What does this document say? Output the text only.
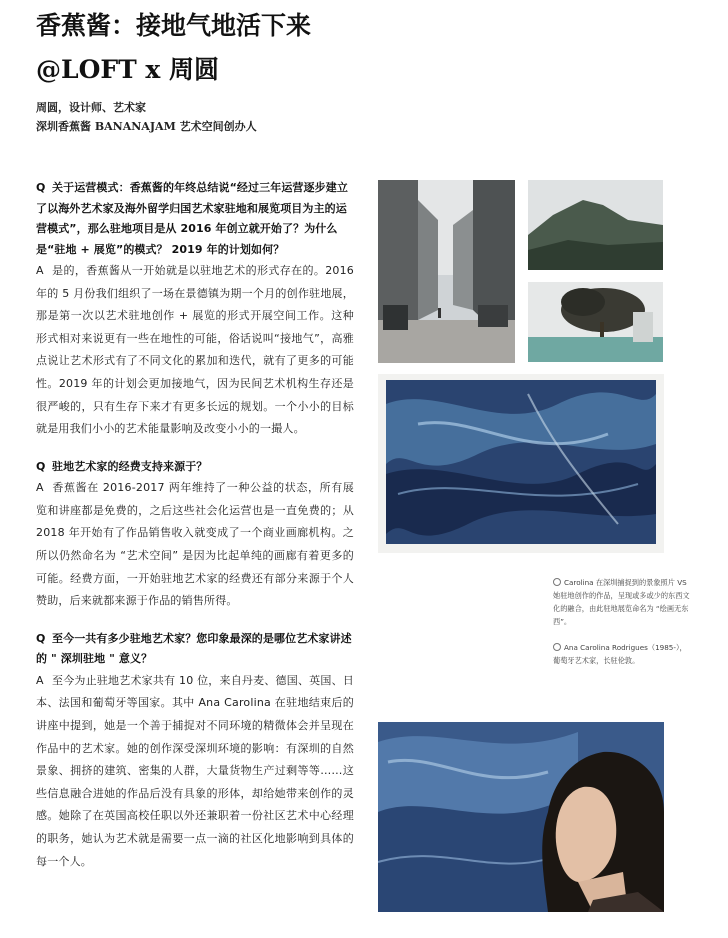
香蕉酱：接地气地活下来
@LOFT x 周圆
周圆，设计师、艺术家
深圳香蕉酱 BANANAJAM 艺术空间创办人
Q 关于运营模式：香蕉酱的年终总结说“经过三年运营逐步建立了以海外艺术家及海外留学归国艺术家驻地和展览项目为主的运营模式”，那么驻地项目是从 2016 年创立就开始了？为什么是“驻地 + 展览”的模式？ 2019 年的计划如何？
A 是的，香蕉酱从一开始就是以驻地艺术的形式存在的。2016 年的 5 月份我们组织了一场在景德镇为期一个月的创作驻地展，那是第一次以艺术驻地创作 + 展览的形式开展空间工作。这种形式相对来说更有一些在地性的可能，俗话说叫“接地气”，高雅点说让艺术形式有了不同文化的累加和迭代，就有了更多的可能性。2019 年的计划会更加接地气，因为民间艺术机构生存还是很严峻的，只有生存下来才有更多长远的规划。一个小小的目标就是用我们小小的艺术能量影响及改变小小的一撮人。
Q 驻地艺术家的经费支持来源于？
A 香蕉酱在 2016-2017 两年维持了一种公益的状态，所有展览和讲座都是免费的，之后这些社会化运营也是一直免费的；从 2018 年开始有了作品销售收入就变成了一个商业画廊机构。之所以仍然命名为 “艺术空间” 是因为比起单纯的画廊有着更多的可能。经费方面，一开始驻地艺术家的经费还有部分来源于个人赞助，后来就都来源于作品的销售所得。
Q 至今一共有多少驻地艺术家？您印象最深的是哪位艺术家讲述的 " 深圳驻地 " 意义？
A 至今为止驻地艺术家共有 10 位，来自丹麦、德国、英国、日本、法国和葡萄牙等国家。其中 Ana Carolina 在驻地结束后的讲座中提到，她是一个善于捕捉对不同环境的精微体会并呈现在作品中的艺术家。她的创作深受深圳环境的影响：有深圳的自然景象、拥挤的建筑、密集的人群，大量货物生产过剩等等……这些信息融合进她的作品后没有具象的形体，却给她带来创作的灵感。她除了在英国高校任职以外还兼职着一份社区艺术中心经理的职务，她认为艺术就是需要一点一滴的社区化地影响到具体的每一个人。
Carolina 在深圳捕捉到的景象照片 VS 她驻地创作的作品，呈现或多或少的东西文化的融合，由此驻地展览命名为 “绘画无东西”。
Ana Carolina Rodrigues（1985-），葡萄牙艺术家，长驻伦敦。
